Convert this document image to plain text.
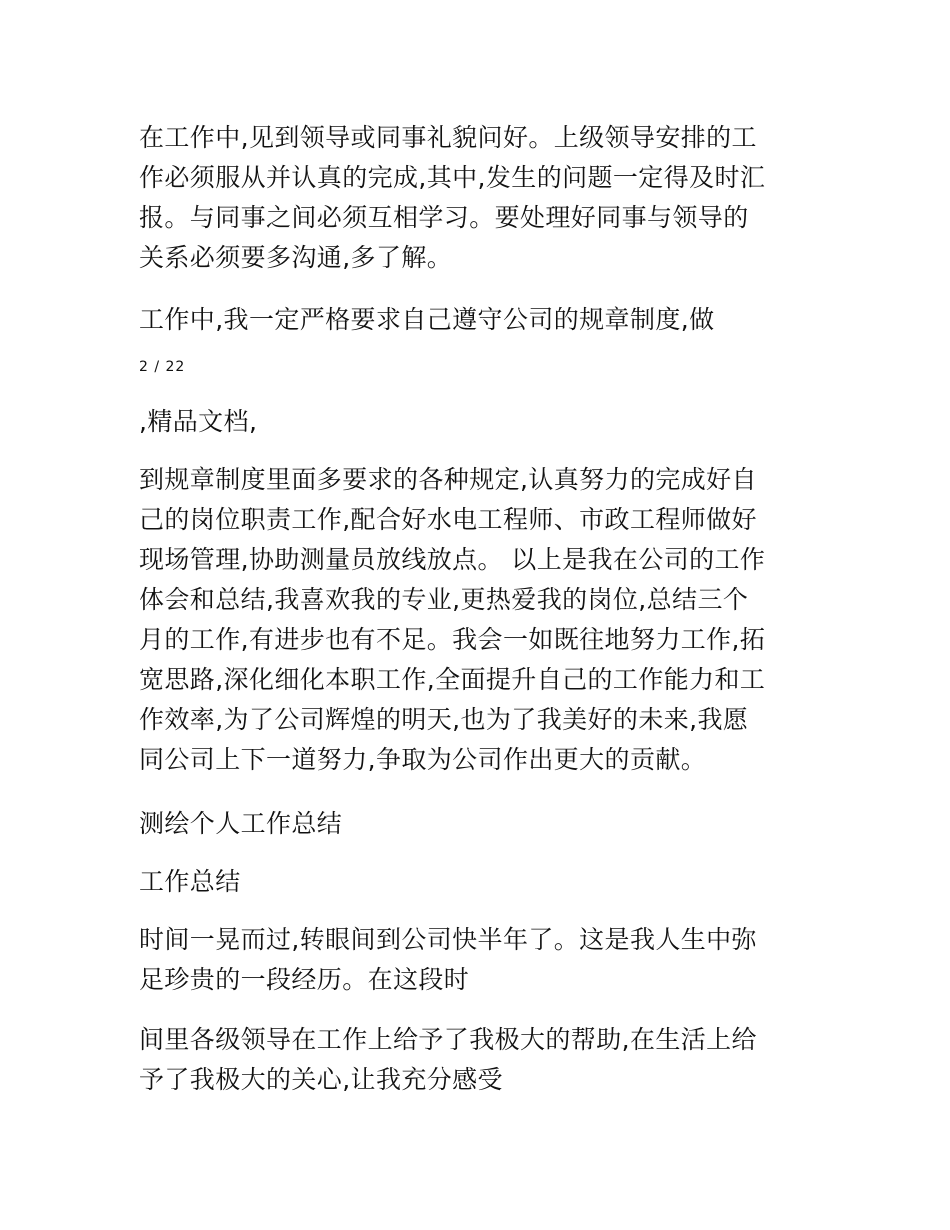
在工作中,见到领导或同事礼貌问好。上级领导安排的工
作必须服从并认真的完成,其中,发生的问题一定得及时汇
报。与同事之间必须互相学习。要处理好同事与领导的
关系必须要多沟通,多了解。
工作中,我一定严格要求自己遵守公司的规章制度,做
2 / 22
,精品文档,
到规章制度里面多要求的各种规定,认真努力的完成好自
己的岗位职责工作,配合好水电工程师、市政工程师做好
现场管理,协助测量员放线放点。 以上是我在公司的工作
体会和总结,我喜欢我的专业,更热爱我的岗位,总结三个
月的工作,有进步也有不足。我会一如既往地努力工作,拓
宽思路,深化细化本职工作,全面提升自己的工作能力和工
作效率,为了公司辉煌的明天,也为了我美好的未来,我愿
同公司上下一道努力,争取为公司作出更大的贡献。
测绘个人工作总结
工作总结
时间一晃而过,转眼间到公司快半年了。这是我人生中弥
足珍贵的一段经历。在这段时
间里各级领导在工作上给予了我极大的帮助,在生活上给
予了我极大的关心,让我充分感受
